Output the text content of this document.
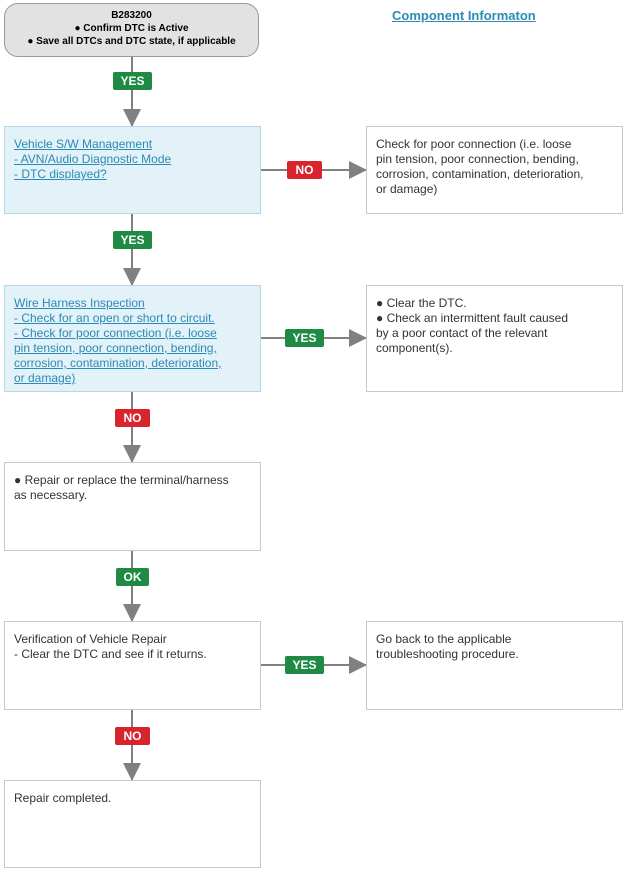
B283200
● Confirm DTC is Active
● Save all DTCs and DTC state, if applicable
Component Informaton
Vehicle S/W Management
- AVN/Audio Diagnostic Mode
- DTC displayed?
Check for poor connection (i.e. loose
pin tension, poor connection, bending,
corrosion, contamination, deterioration,
or damage)
Wire Harness Inspection
- Check for an open or short to circuit.
- Check for poor connection (i.e. loose
pin tension, poor connection, bending,
corrosion, contamination, deterioration,
or damage)
● Clear the DTC.
● Check an intermittent fault caused
by a poor contact of the relevant
component(s).
● Repair or replace the terminal/harness
as necessary.
Verification of Vehicle Repair
- Clear the DTC and see if it returns.
Go back to the applicable
troubleshooting procedure.
Repair completed.
YES
NO
YES
YES
NO
OK
YES
NO
